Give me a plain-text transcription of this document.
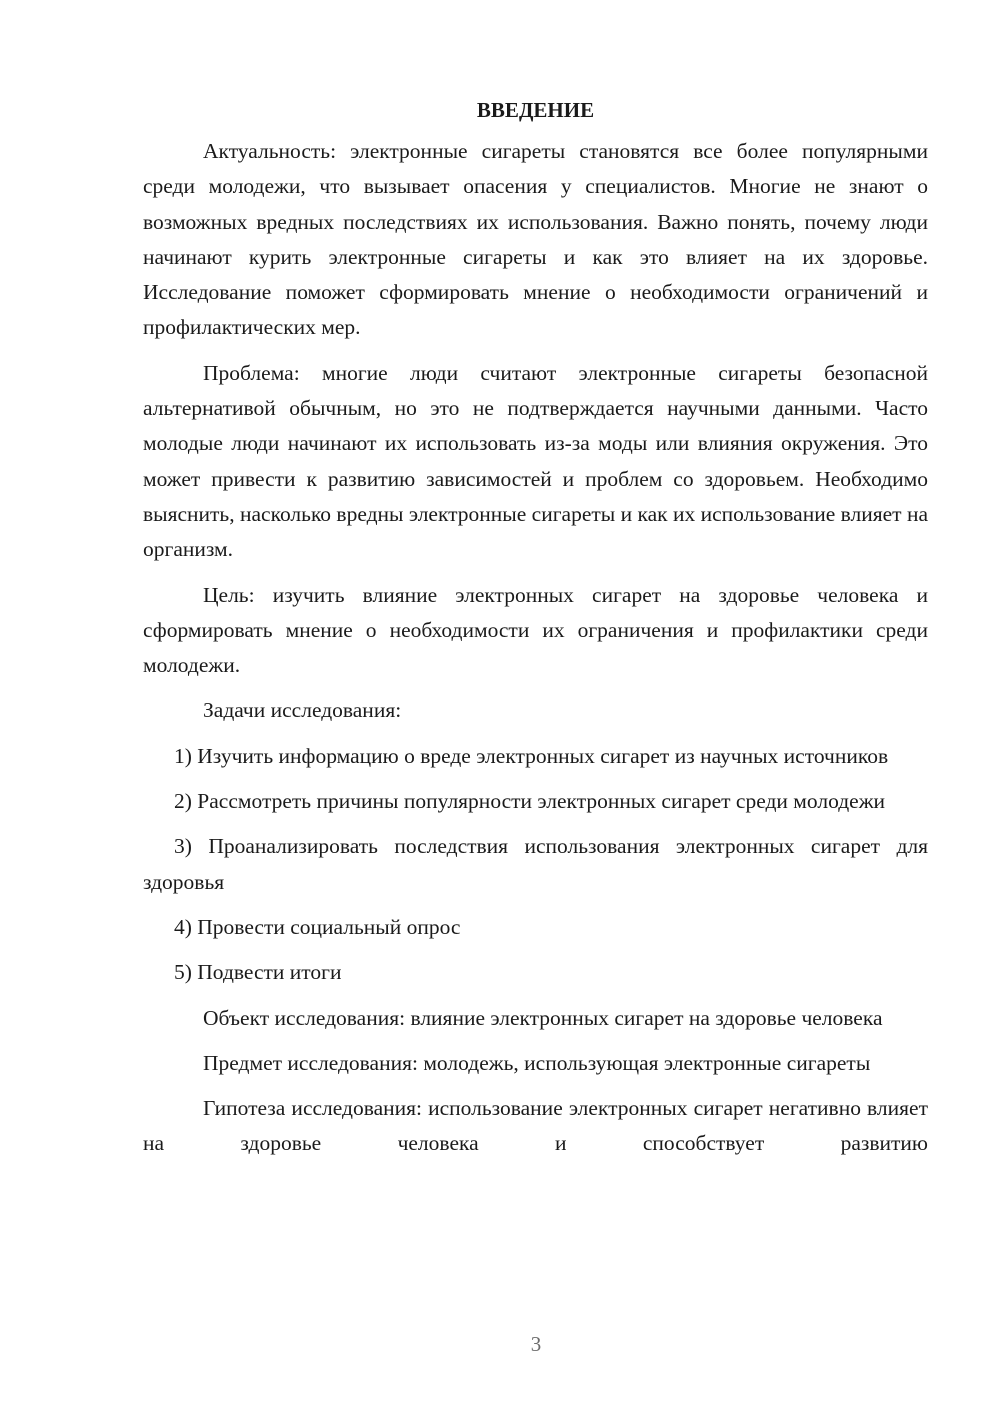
ВВЕДЕНИЕ

Актуальность: электронные сигареты становятся все более популярными среди молодежи, что вызывает опасения у специалистов. Многие не знают о возможных вредных последствиях их использования. Важно понять, почему люди начинают курить электронные сигареты и как это влияет на их здоровье. Исследование поможет сформировать мнение о необходимости ограничений и профилактических мер.

Проблема: многие люди считают электронные сигареты безопасной альтернативой обычным, но это не подтверждается научными данными. Часто молодые люди начинают их использовать из-за моды или влияния окружения. Это может привести к развитию зависимостей и проблем со здоровьем. Необходимо выяснить, насколько вредны электронные сигареты и как их использование влияет на организм.

Цель: изучить влияние электронных сигарет на здоровье человека и сформировать мнение о необходимости их ограничения и профилактики среди молодежи.

Задачи исследования:

1) Изучить информацию о вреде электронных сигарет из научных источников

2) Рассмотреть причины популярности электронных сигарет среди молодежи

3) Проанализировать последствия использования электронных сигарет для здоровья

4) Провести социальный опрос

5) Подвести итоги

Объект исследования: влияние электронных сигарет на здоровье человека

Предмет исследования: молодежь, использующая электронные сигареты

Гипотеза исследования: использование электронных сигарет негативно влияет на здоровье человека и способствует развитию

3
